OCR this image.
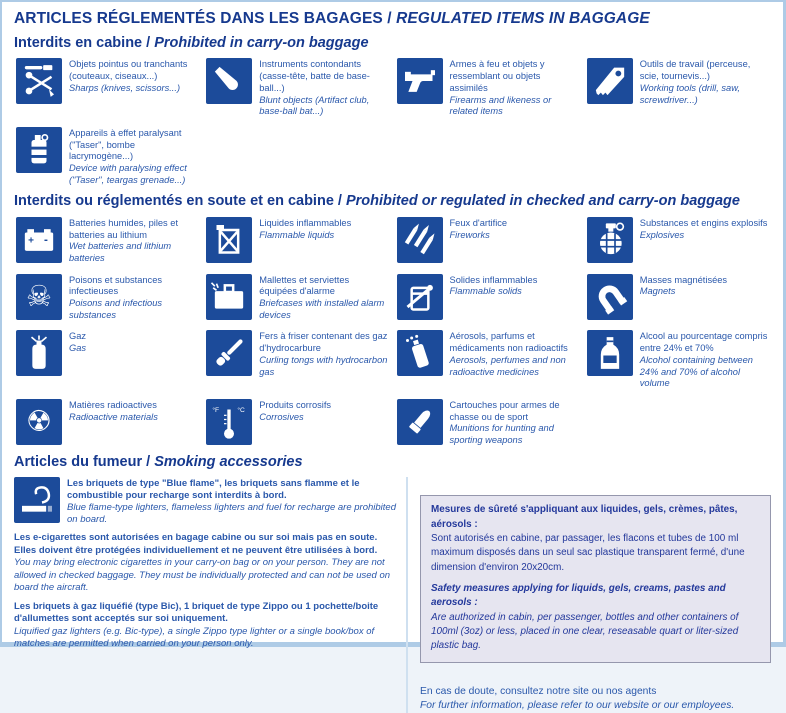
ARTICLES RÉGLEMENTÉS DANS LES BAGAGES / REGULATED ITEMS IN BAGGAGE
Interdits en cabine / Prohibited in carry-on baggage
Objets pointus ou tranchants (couteaux, ciseaux...)
Sharps (knives, scissors...)
Instruments contondants (casse-tête, batte de base-ball...)
Blunt objects (Artifact club, base-ball bat...)
Armes à feu et objets y ressemblant ou objets assimilés
Firearms and likeness or related items
Outils de travail (perceuse, scie, tournevis...)
Working tools (drill, saw, screwdriver...)
Appareils à effet paralysant ("Taser", bombe lacrymogène...)
Device with paralysing effect ("Taser", teargas grenade...)
Interdits ou réglementés en soute et en cabine / Prohibited or regulated in checked and carry-on baggage
+ -
Batteries humides, piles et batteries au lithium
Wet batteries and lithium batteries
Liquides inflammables
Flammable liquids
Feux d'artifice
Fireworks
Substances et engins explosifs
Explosives
☠ Poisons et substances infectieuses
Poisons and infectious substances
Mallettes et serviettes équipées d'alarme
Briefcases with installed alarm devices
Solides inflammables
Flammable solids
Masses magnétisées
Magnets
Gaz
Gas
Fers à friser contenant des gaz d'hydrocarbure
Curling tongs with hydrocarbon gas
Aérosols, parfums et médicaments non radioactifs
Aerosols, perfumes and non radioactive medicines
Alcool au pourcentage compris entre 24% et 70%
Alcohol containing between 24% and 70% of alcohol volume
☢ Matières radioactives
Radioactive materials
°F °C
Produits corrosifs
Corrosives
Cartouches pour armes de chasse ou de sport
Munitions for hunting and sporting weapons
Articles du fumeur / Smoking accessories
Les briquets de type "Blue flame", les briquets sans flamme et le combustible pour recharge sont interdits à bord.
Blue flame-type lighters, flameless lighters and fuel for recharge are prohibited on board.
Les e-cigarettes sont autorisées en bagage cabine ou sur soi mais pas en soute. Elles doivent être protégées individuellement et ne peuvent être utilisées à bord.
You may bring electronic cigarettes in your carry-on bag or on your person. They are not allowed in checked baggage. They must be individually protected and can not be used on board the aircraft.
Les briquets à gaz liquéfié (type Bic), 1 briquet de type Zippo ou 1 pochette/boite d'allumettes sont acceptés sur soi uniquement.
Liquified gaz lighters (e.g. Bic-type), a single Zippo type lighter or a single book/box of matches are permitted when carried on your person only.
Mesures de sûreté s'appliquant aux liquides, gels, crèmes, pâtes, aérosols :
Sont autorisés en cabine, par passager, les flacons et tubes de 100 ml maximum disposés dans un seul sac plastique transparent fermé, d'une dimension d'environ 20x20cm.
Safety measures applying for liquids, gels, creams, pastes and aerosols :
Are authorized in cabin, per passenger, bottles and other containers of 100ml (3oz) or less, placed in one clear, reseasable quart or liter-sized plastic bag.
En cas de doute, consultez notre site ou nos agents
For further information, please refer to our website or our employees.
